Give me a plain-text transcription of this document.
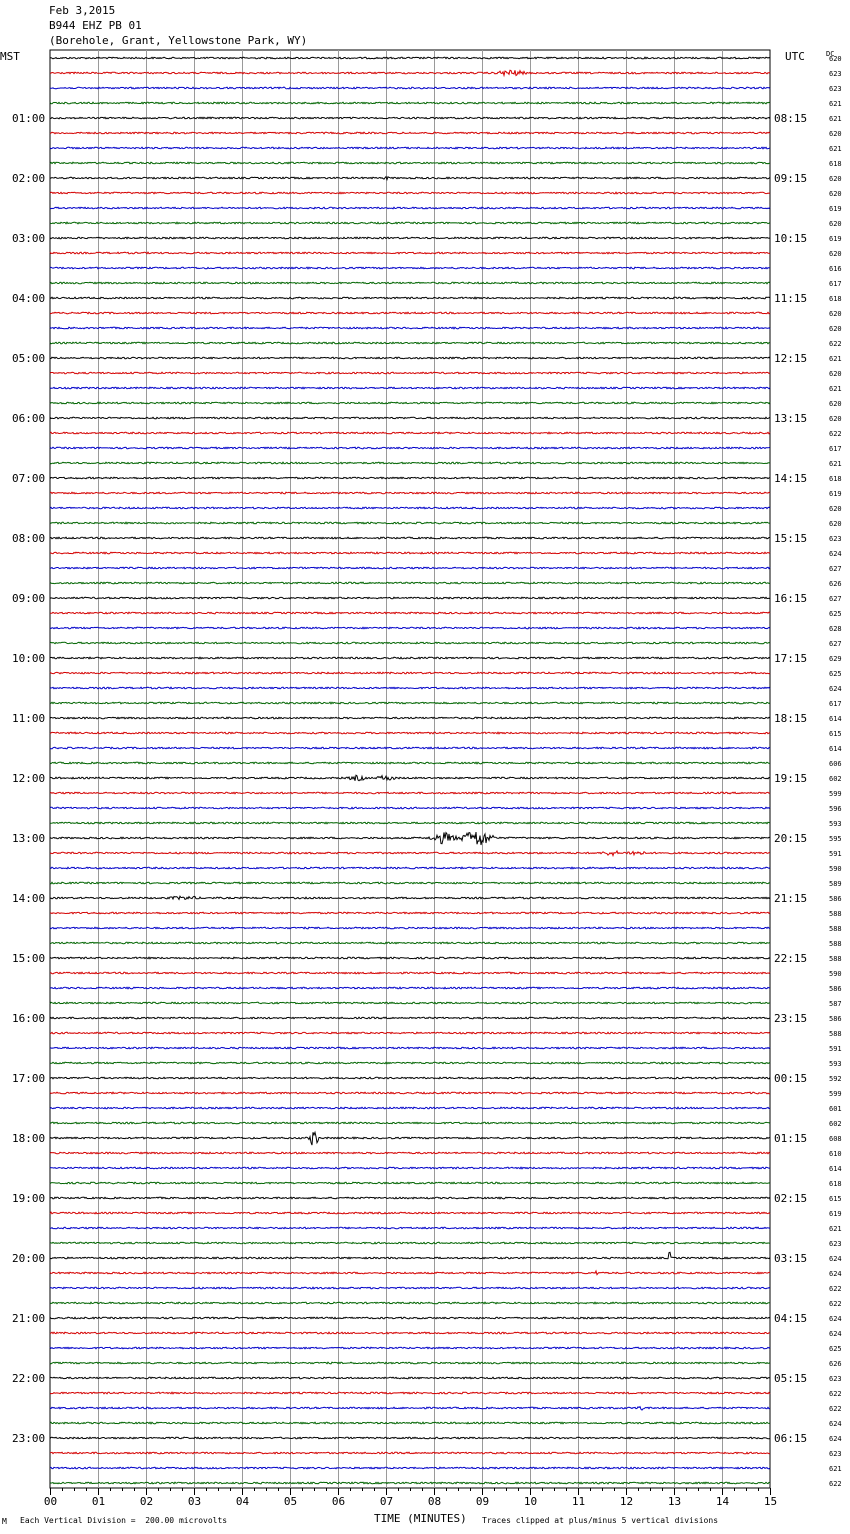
Feb 3,2015
B944 EHZ PB 01
(Borehole, Grant, Yellowstone Park, WY)
MST	UTC	DC
620
623
623
621
621
620
621
618
620
620
619
620
619
620
616
617
618
620
620
622
621
620
621
620
620
622
617
621
618
619
620
620
623
624
627
626
627
625
628
627
629
625
624
617
614
615
614
606
602
599
596
593
595
591
590
589
586
588
588
588
588
590
586
587
586
588
591
593
592
599
601
602
608
610
614
618
615
619
621
623
624
624
622
622
624
624
625
626
623
622
622
624
624
623
621
622
01:00
02:00
03:00
04:00
05:00
06:00
07:00
08:00
09:00
10:00
11:00
12:00
13:00
14:00
15:00
16:00
17:00
18:00
19:00
20:00
21:00
22:00
23:00
08:15
09:15
10:15
11:15
12:15
13:15
14:15
15:15
16:15
17:15
18:15
19:15
20:15
21:15
22:15
23:15
00:15
01:15
02:15
03:15
04:15
05:15
06:15
00	01	02	03	04	05	06	07	08	09	10	11	12	13	14	15
M Each Vertical Division =  200.00 microvolts	TIME (MINUTES) Traces clipped at plus/minus 5 vertical divisions
